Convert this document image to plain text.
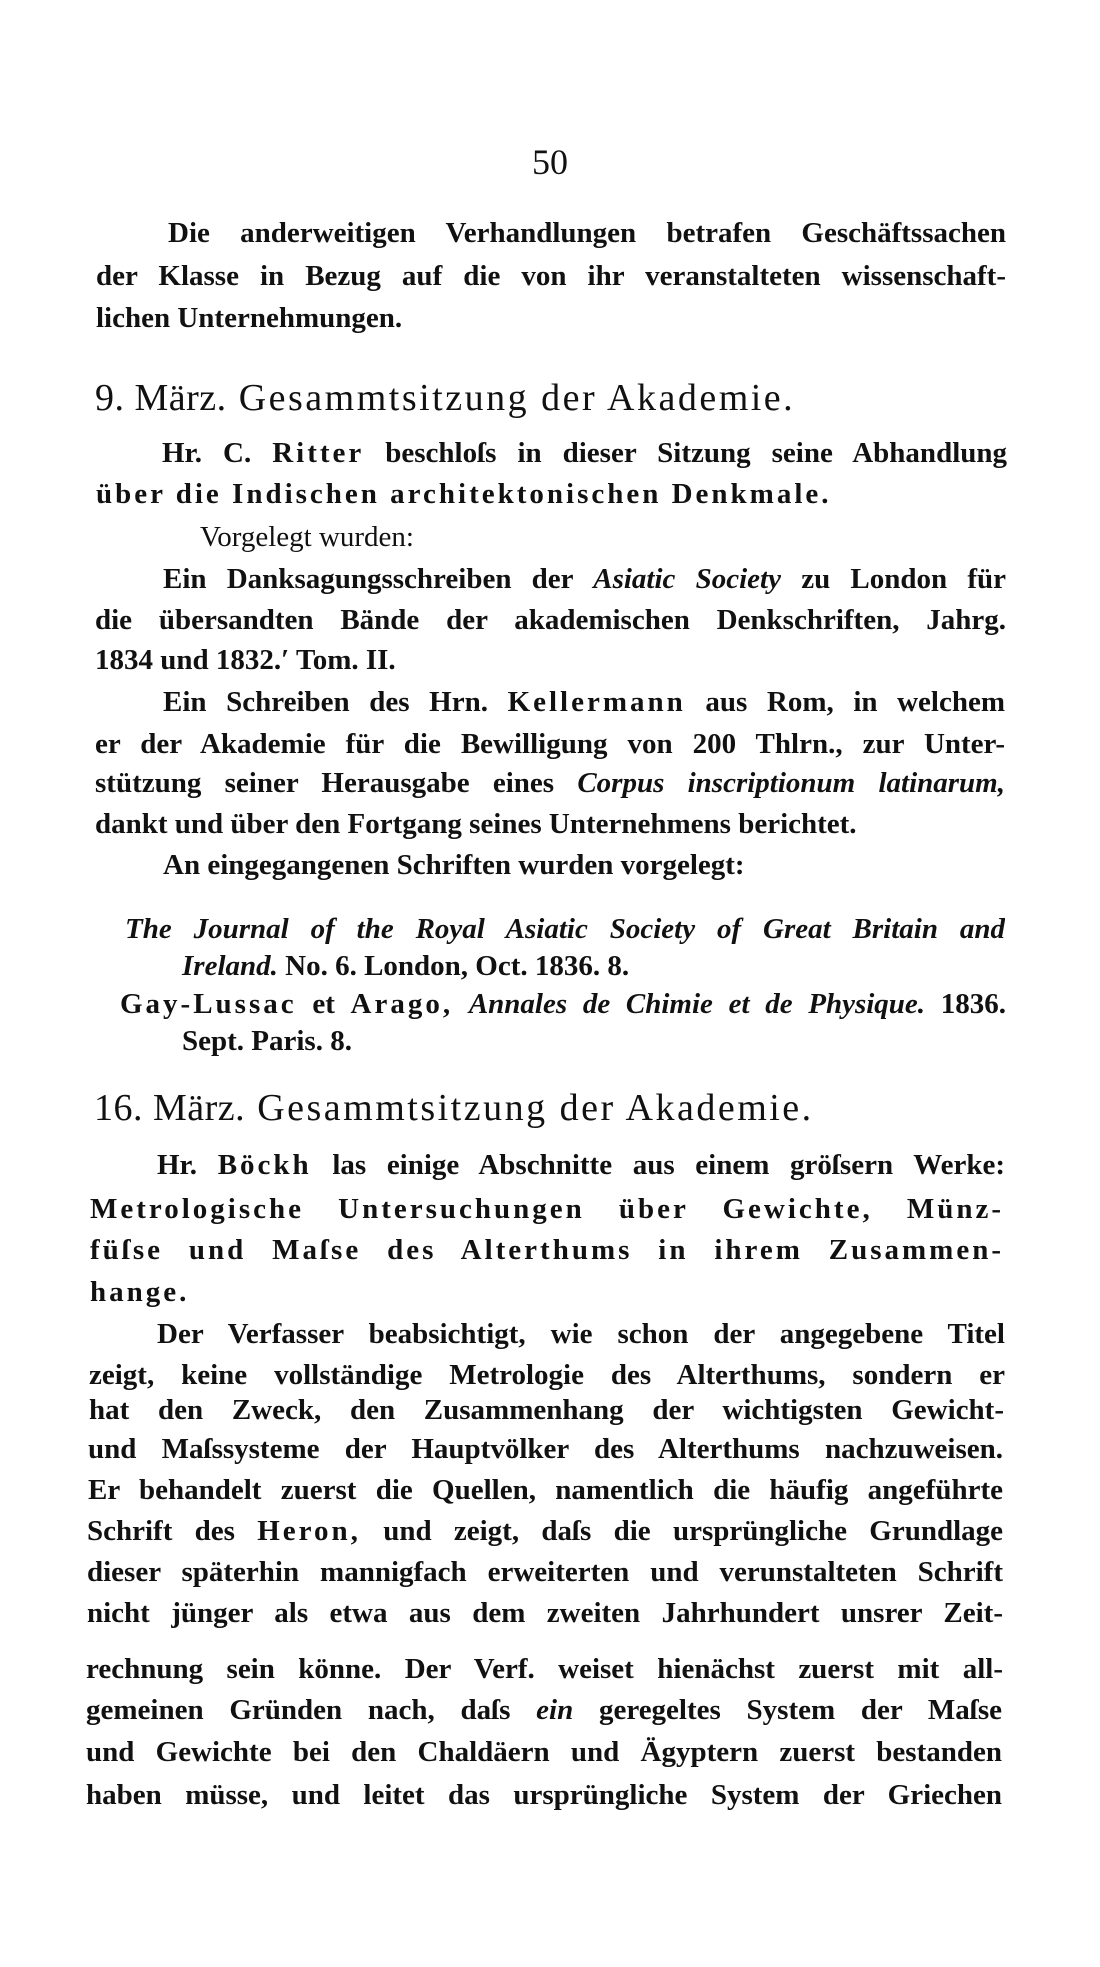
50
Die anderweitigen Verhandlungen betrafen Geschäftssachen
der Klasse in Bezug auf die von ihr veranstalteten wissenschaft-
lichen Unternehmungen.
9. März. Gesammtsitzung der Akademie.
Hr. C. Ritter beschloſs in dieser Sitzung seine Abhandlung
über die Indischen architektonischen Denkmale.
Vorgelegt wurden:
Ein Danksagungsschreiben der Asiatic Society zu London für
die übersandten Bände der akademischen Denkschriften, Jahrg.
1834 und 1832.′ Tom. II.
Ein Schreiben des Hrn. Kellermann aus Rom, in welchem
er der Akademie für die Bewilligung von 200 Thlrn., zur Unter-
stützung seiner Herausgabe eines Corpus inscriptionum latinarum,
dankt und über den Fortgang seines Unternehmens berichtet.
An eingegangenen Schriften wurden vorgelegt:
The Journal of the Royal Asiatic Society of Great Britain and
Ireland. No. 6. London, Oct. 1836. 8.
Gay-Lussac et Arago, Annales de Chimie et de Physique. 1836.
Sept. Paris. 8.
16. März. Gesammtsitzung der Akademie.
Hr. Böckh las einige Abschnitte aus einem gröſsern Werke:
Metrologische Untersuchungen über Gewichte, Münz-
füſse und Maſse des Alterthums in ihrem Zusammen-
hange.
Der Verfasser beabsichtigt, wie schon der angegebene Titel
zeigt, keine vollständige Metrologie des Alterthums, sondern er
hat den Zweck, den Zusammenhang der wichtigsten Gewicht-
und Maſssysteme der Hauptvölker des Alterthums nachzuweisen.
Er behandelt zuerst die Quellen, namentlich die häufig angeführte
Schrift des Heron, und zeigt, daſs die ursprüngliche Grundlage
dieser späterhin mannigfach erweiterten und verunstalteten Schrift
nicht jünger als etwa aus dem zweiten Jahrhundert unsrer Zeit-
rechnung sein könne. Der Verf. weiset hienächst zuerst mit all-
gemeinen Gründen nach, daſs ein geregeltes System der Maſse
und Gewichte bei den Chaldäern und Ägyptern zuerst bestanden
haben müsse, und leitet das ursprüngliche System der Griechen
